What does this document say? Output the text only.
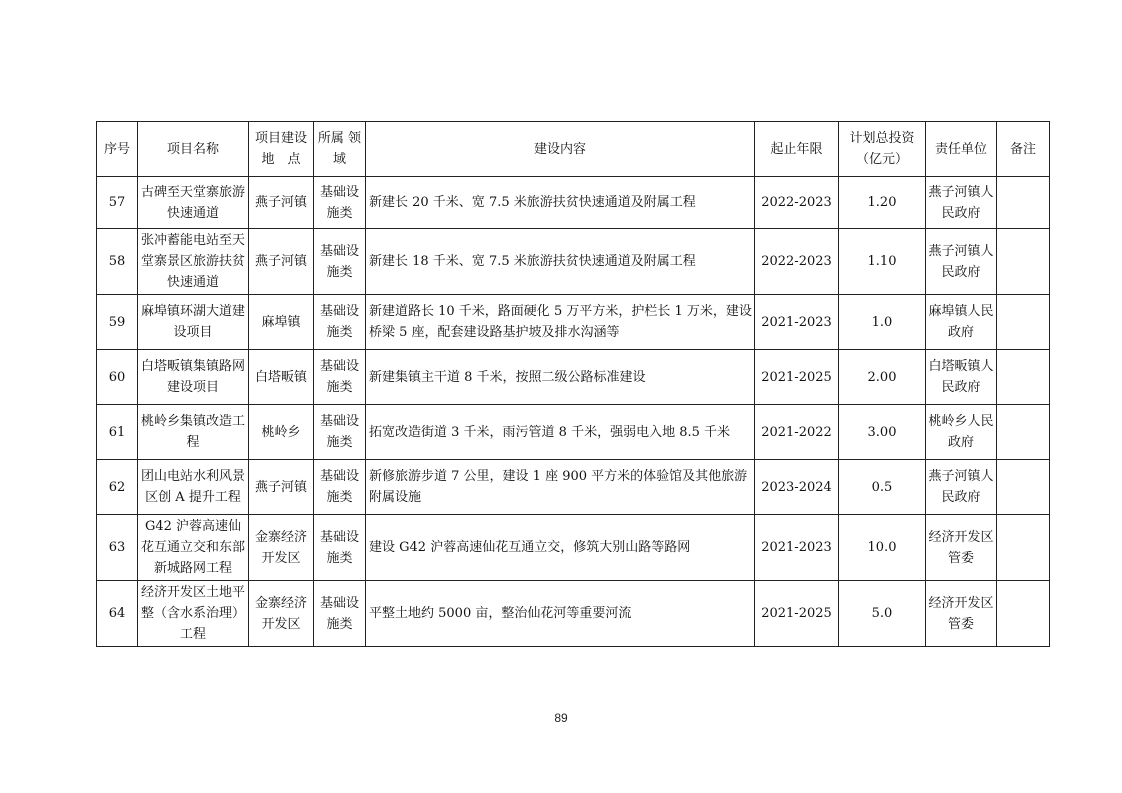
序号	项目名称	项目建设 地　点	所属 领域	建设内容	起止年限	计划总投资 （亿元）	责任单位	备注
57	古碑至天堂寨旅游快速通道	燕子河镇	基础设施类	新建长 20 千米、宽 7.5 米旅游扶贫快速通道及附属工程	2022-2023	1.20	燕子河镇人民政府	
58	张冲蓄能电站至天堂寨景区旅游扶贫快速通道	燕子河镇	基础设施类	新建长 18 千米、宽 7.5 米旅游扶贫快速通道及附属工程	2022-2023	1.10	燕子河镇人民政府	
59	麻埠镇环湖大道建设项目	麻埠镇	基础设施类	新建道路长 10 千米，路面硬化 5 万平方米，护栏长 1 万米，建设桥梁 5 座，配套建设路基护坡及排水沟涵等	2021-2023	1.0	麻埠镇人民政府	
60	白塔畈镇集镇路网建设项目	白塔畈镇	基础设施类	新建集镇主干道 8 千米，按照二级公路标准建设	2021-2025	2.00	白塔畈镇人民政府	
61	桃岭乡集镇改造工程	桃岭乡	基础设施类	拓宽改造街道 3 千米，雨污管道 8 千米，强弱电入地 8.5 千米	2021-2022	3.00	桃岭乡人民政府	
62	团山电站水利风景区创 A 提升工程	燕子河镇	基础设施类	新修旅游步道 7 公里，建设 1 座 900 平方米的体验馆及其他旅游附属设施	2023-2024	0.5	燕子河镇人民政府	
63	G42 沪蓉高速仙花互通立交和东部新城路网工程	金寨经济开发区	基础设施类	建设 G42 沪蓉高速仙花互通立交，修筑大别山路等路网	2021-2023	10.0	经济开发区管委	
64	经济开发区土地平整（含水系治理）工程	金寨经济开发区	基础设施类	平整土地约 5000 亩，整治仙花河等重要河流	2021-2025	5.0	经济开发区管委	
89
